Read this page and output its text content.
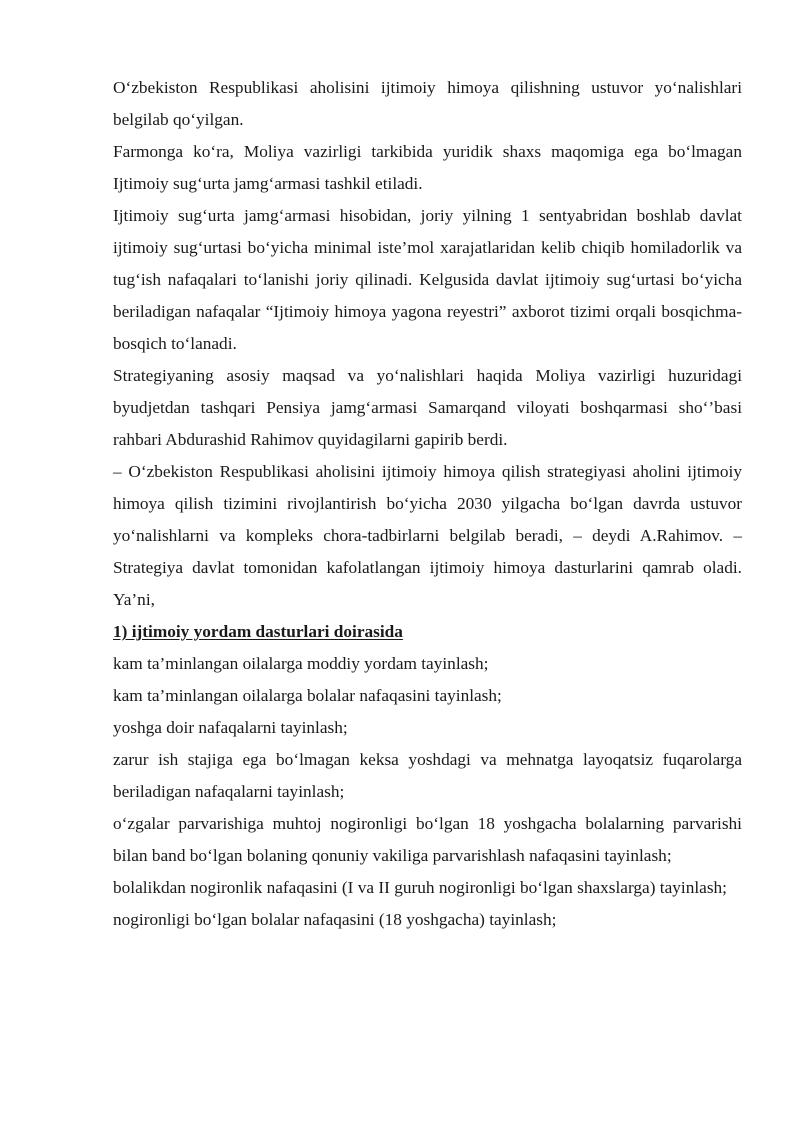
O‘zbekiston Respublikasi aholisini ijtimoiy himoya qilishning ustuvor yo‘nalishlari belgilab qo‘yilgan.

Farmonga ko‘ra, Moliya vazirligi tarkibida yuridik shaxs maqomiga ega bo‘lmagan Ijtimoiy sug‘urta jamg‘armasi tashkil etiladi.

Ijtimoiy sug‘urta jamg‘armasi hisobidan, joriy yilning 1 sentyabridan boshlab davlat ijtimoiy sug‘urtasi bo‘yicha minimal iste’mol xarajatlaridan kelib chiqib homiladorlik va tug‘ish nafaqalari to‘lanishi joriy qilinadi. Kelgusida davlat ijtimoiy sug‘urtasi bo‘yicha beriladigan nafaqalar “Ijtimoiy himoya yagona reyestri” axborot tizimi orqali bosqichma-bosqich to‘lanadi.

Strategiyaning asosiy maqsad va yo‘nalishlari haqida Moliya vazirligi huzuridagi byudjetdan tashqari Pensiya jamg‘armasi Samarqand viloyati boshqarmasi sho‘’basi rahbari Abdurashid Rahimov quyidagilarni gapirib berdi.

– O‘zbekiston Respublikasi aholisini ijtimoiy himoya qilish strategiyasi aholini ijtimoiy himoya qilish tizimini rivojlantirish bo‘yicha 2030 yilgacha bo‘lgan davrda ustuvor yo‘nalishlarni va kompleks chora-tadbirlarni belgilab beradi, – deydi A.Rahimov. – Strategiya davlat tomonidan kafolatlangan ijtimoiy himoya dasturlarini qamrab oladi. Ya’ni,

1) ijtimoiy yordam dasturlari doirasida

kam ta’minlangan oilalarga moddiy yordam tayinlash;

kam ta’minlangan oilalarga bolalar nafaqasini tayinlash;

yoshga doir nafaqalarni tayinlash;

zarur ish stajiga ega bo‘lmagan keksa yoshdagi va mehnatga layoqatsiz fuqarolarga beriladigan nafaqalarni tayinlash;

o‘zgalar parvarishiga muhtoj nogironligi bo‘lgan 18 yoshgacha bolalarning parvarishi bilan band bo‘lgan bolaning qonuniy vakiliga parvarishlash nafaqasini tayinlash;

bolalikdan nogironlik nafaqasini (I va II guruh nogironligi bo‘lgan shaxslarga) tayinlash;

nogironligi bo‘lgan bolalar nafaqasini (18 yoshgacha) tayinlash;
